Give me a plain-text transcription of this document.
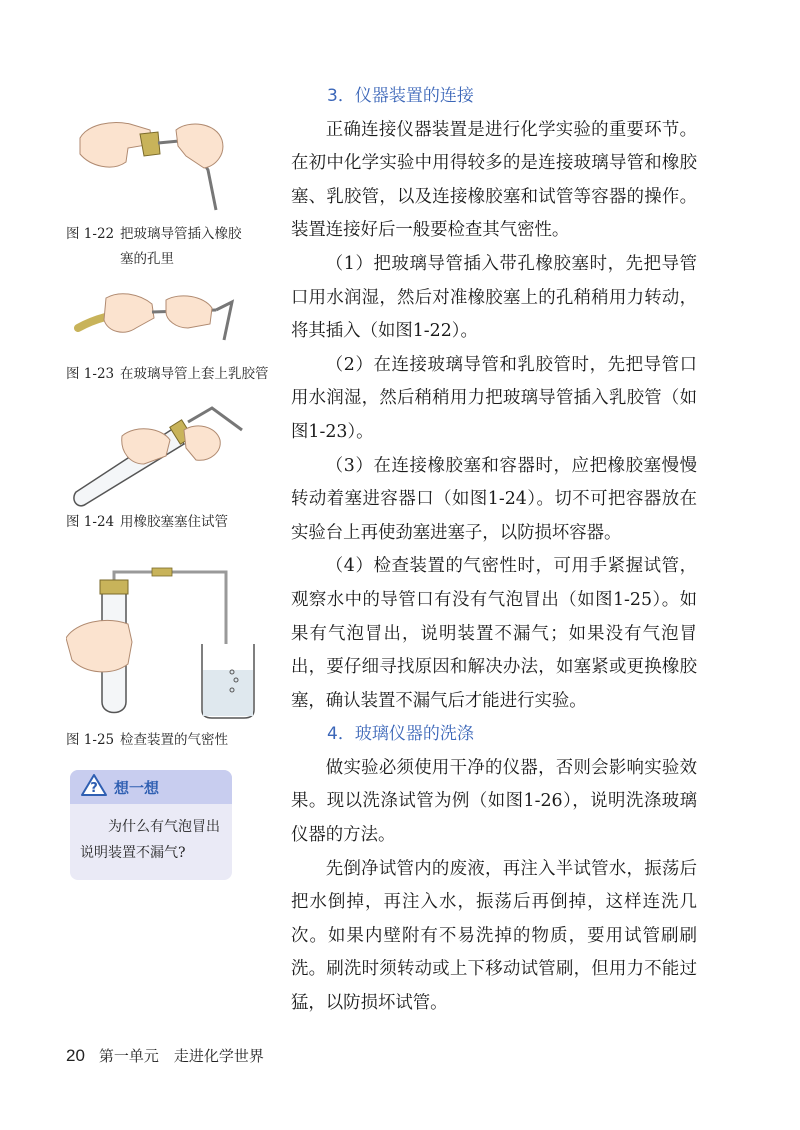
图 1-22 把玻璃导管插入橡胶
塞的孔里
图 1-23 在玻璃导管上套上乳胶管
图 1-24 用橡胶塞塞住试管
图 1-25 检查装置的气密性
? 想一想
为什么有气泡冒出说明装置不漏气?

3．仪器装置的连接

正确连接仪器装置是进行化学实验的重要环节。在初中化学实验中用得较多的是连接玻璃导管和橡胶塞、乳胶管，以及连接橡胶塞和试管等容器的操作。装置连接好后一般要检查其气密性。

（1）把玻璃导管插入带孔橡胶塞时，先把导管口用水润湿，然后对准橡胶塞上的孔稍稍用力转动，将其插入（如图1-22）。

（2）在连接玻璃导管和乳胶管时，先把导管口用水润湿，然后稍稍用力把玻璃导管插入乳胶管（如图1-23）。

（3）在连接橡胶塞和容器时，应把橡胶塞慢慢转动着塞进容器口（如图1-24）。切不可把容器放在实验台上再使劲塞进塞子，以防损坏容器。

（4）检查装置的气密性时，可用手紧握试管，观察水中的导管口有没有气泡冒出（如图1-25）。如果有气泡冒出，说明装置不漏气；如果没有气泡冒出，要仔细寻找原因和解决办法，如塞紧或更换橡胶塞，确认装置不漏气后才能进行实验。

4．玻璃仪器的洗涤

做实验必须使用干净的仪器，否则会影响实验效果。现以洗涤试管为例（如图1-26），说明洗涤玻璃仪器的方法。

先倒净试管内的废液，再注入半试管水，振荡后把水倒掉，再注入水，振荡后再倒掉，这样连洗几次。如果内壁附有不易洗掉的物质，要用试管刷刷洗。刷洗时须转动或上下移动试管刷，但用力不能过猛，以防损坏试管。

20 第一单元　走进化学世界
